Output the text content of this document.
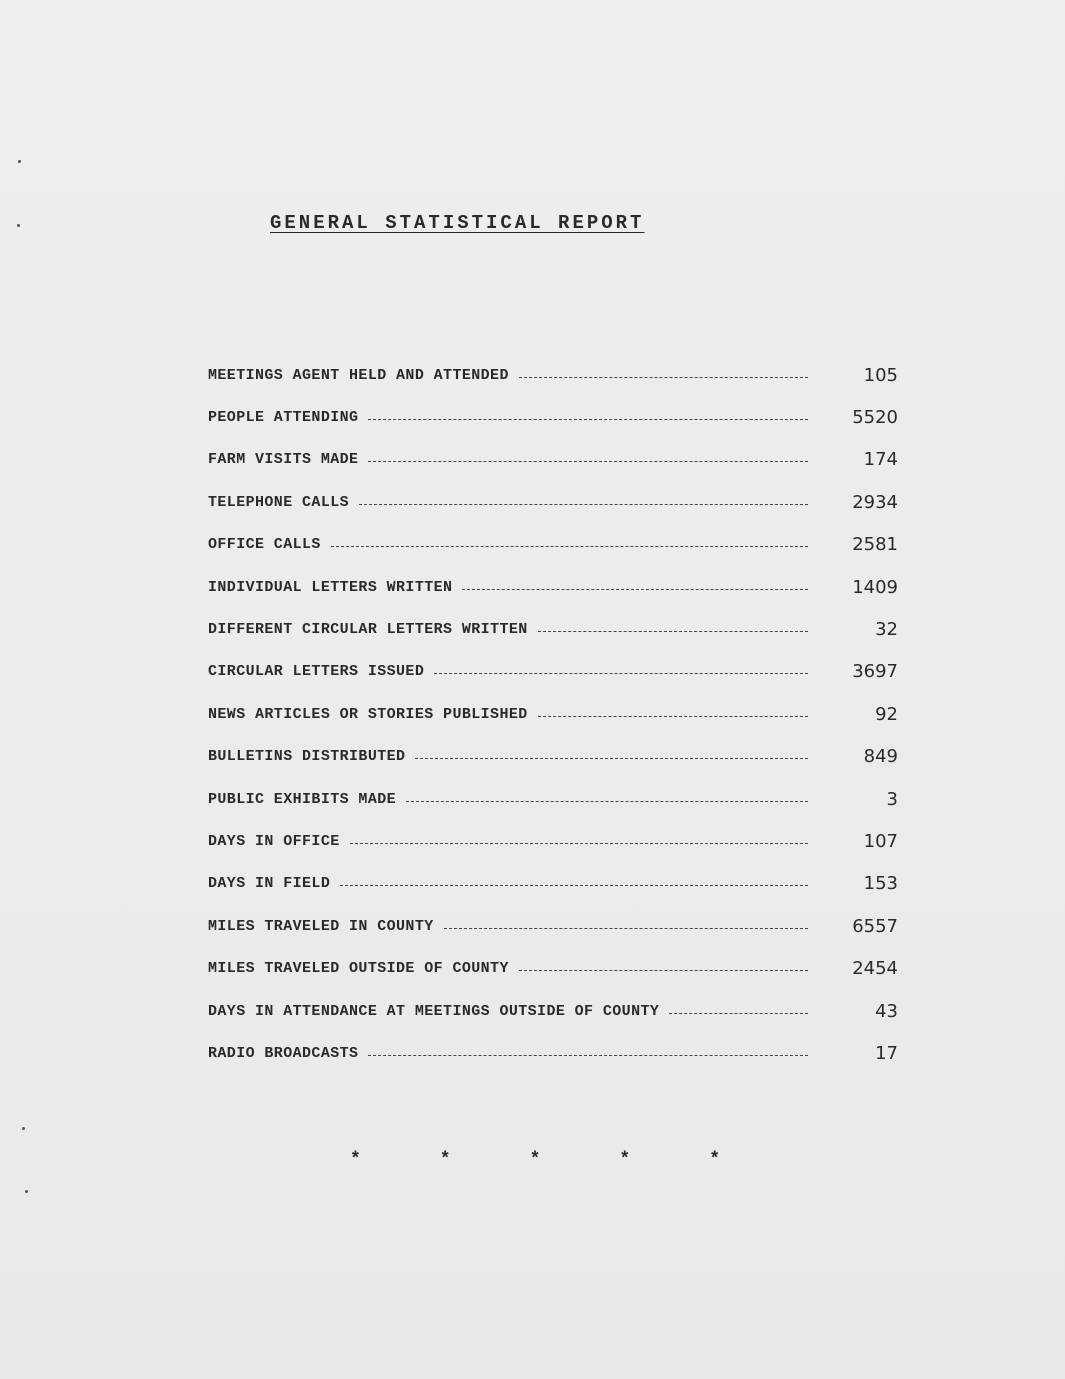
GENERAL STATISTICAL REPORT
MEETINGS AGENT HELD AND ATTENDED	105
PEOPLE ATTENDING	5520
FARM VISITS MADE	174
TELEPHONE CALLS	2934
OFFICE CALLS	2581
INDIVIDUAL LETTERS WRITTEN	1409
DIFFERENT CIRCULAR LETTERS WRITTEN	32
CIRCULAR LETTERS ISSUED	3697
NEWS ARTICLES OR STORIES PUBLISHED	92
BULLETINS DISTRIBUTED	849
PUBLIC EXHIBITS MADE	3
DAYS IN OFFICE	107
DAYS IN FIELD	153
MILES TRAVELED IN COUNTY	6557
MILES TRAVELED OUTSIDE OF COUNTY	2454
DAYS IN ATTENDANCE AT MEETINGS OUTSIDE OF COUNTY	43
RADIO BROADCASTS	17
*	*	*	*	*
